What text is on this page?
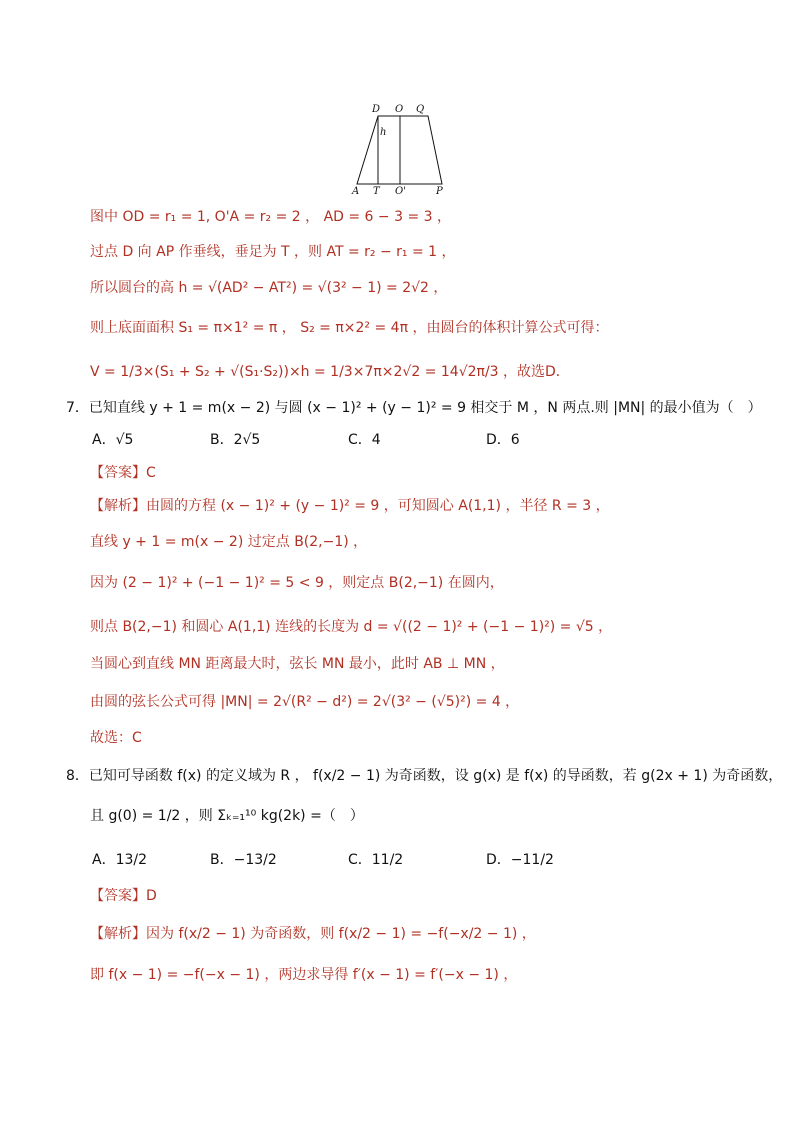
D O Q
h
A T O'	P
图中 OD = r₁ = 1, O'A = r₂ = 2 ， AD = 6 − 3 = 3 ，
过点 D 向 AP 作垂线，垂足为 T ，则 AT = r₂ − r₁ = 1 ，
所以圆台的高 h = √(AD² − AT²) = √(3² − 1) = 2√2 ，
则上底面面积 S₁ = π×1² = π ， S₂ = π×2² = 4π ，由圆台的体积计算公式可得：
V = 1/3×(S₁ + S₂ + √(S₁·S₂))×h = 1/3×7π×2√2 = 14√2π/3 ，故选D．
7．已知直线 y + 1 = m(x − 2) 与圆 (x − 1)² + (y − 1)² = 9 相交于 M ，N 两点.则 |MN| 的最小值为（　）
A．√5	B．2√5	C．4	D．6
【答案】C
【解析】由圆的方程 (x − 1)² + (y − 1)² = 9 ，可知圆心 A(1,1) ，半径 R = 3 ，
直线 y + 1 = m(x − 2) 过定点 B(2,−1) ，
因为 (2 − 1)² + (−1 − 1)² = 5 < 9 ，则定点 B(2,−1) 在圆内，
则点 B(2,−1) 和圆心 A(1,1) 连线的长度为 d = √((2 − 1)² + (−1 − 1)²) = √5 ，
当圆心到直线 MN 距离最大时，弦长 MN 最小，此时 AB ⊥ MN ，
由圆的弦长公式可得 |MN| = 2√(R² − d²) = 2√(3² − (√5)²) = 4 ，
故选：C
8．已知可导函数 f(x) 的定义域为 R ， f(x/2 − 1) 为奇函数，设 g(x) 是 f(x) 的导函数，若 g(2x + 1) 为奇函数，
且 g(0) = 1/2 ，则 Σₖ₌₁¹⁰ kg(2k) =（　）
A．13/2	B．−13/2	C．11/2	D．−11/2
【答案】D
【解析】因为 f(x/2 − 1) 为奇函数，则 f(x/2 − 1) = −f(−x/2 − 1) ，
即 f(x − 1) = −f(−x − 1) ，两边求导得 f′(x − 1) = f′(−x − 1) ，
